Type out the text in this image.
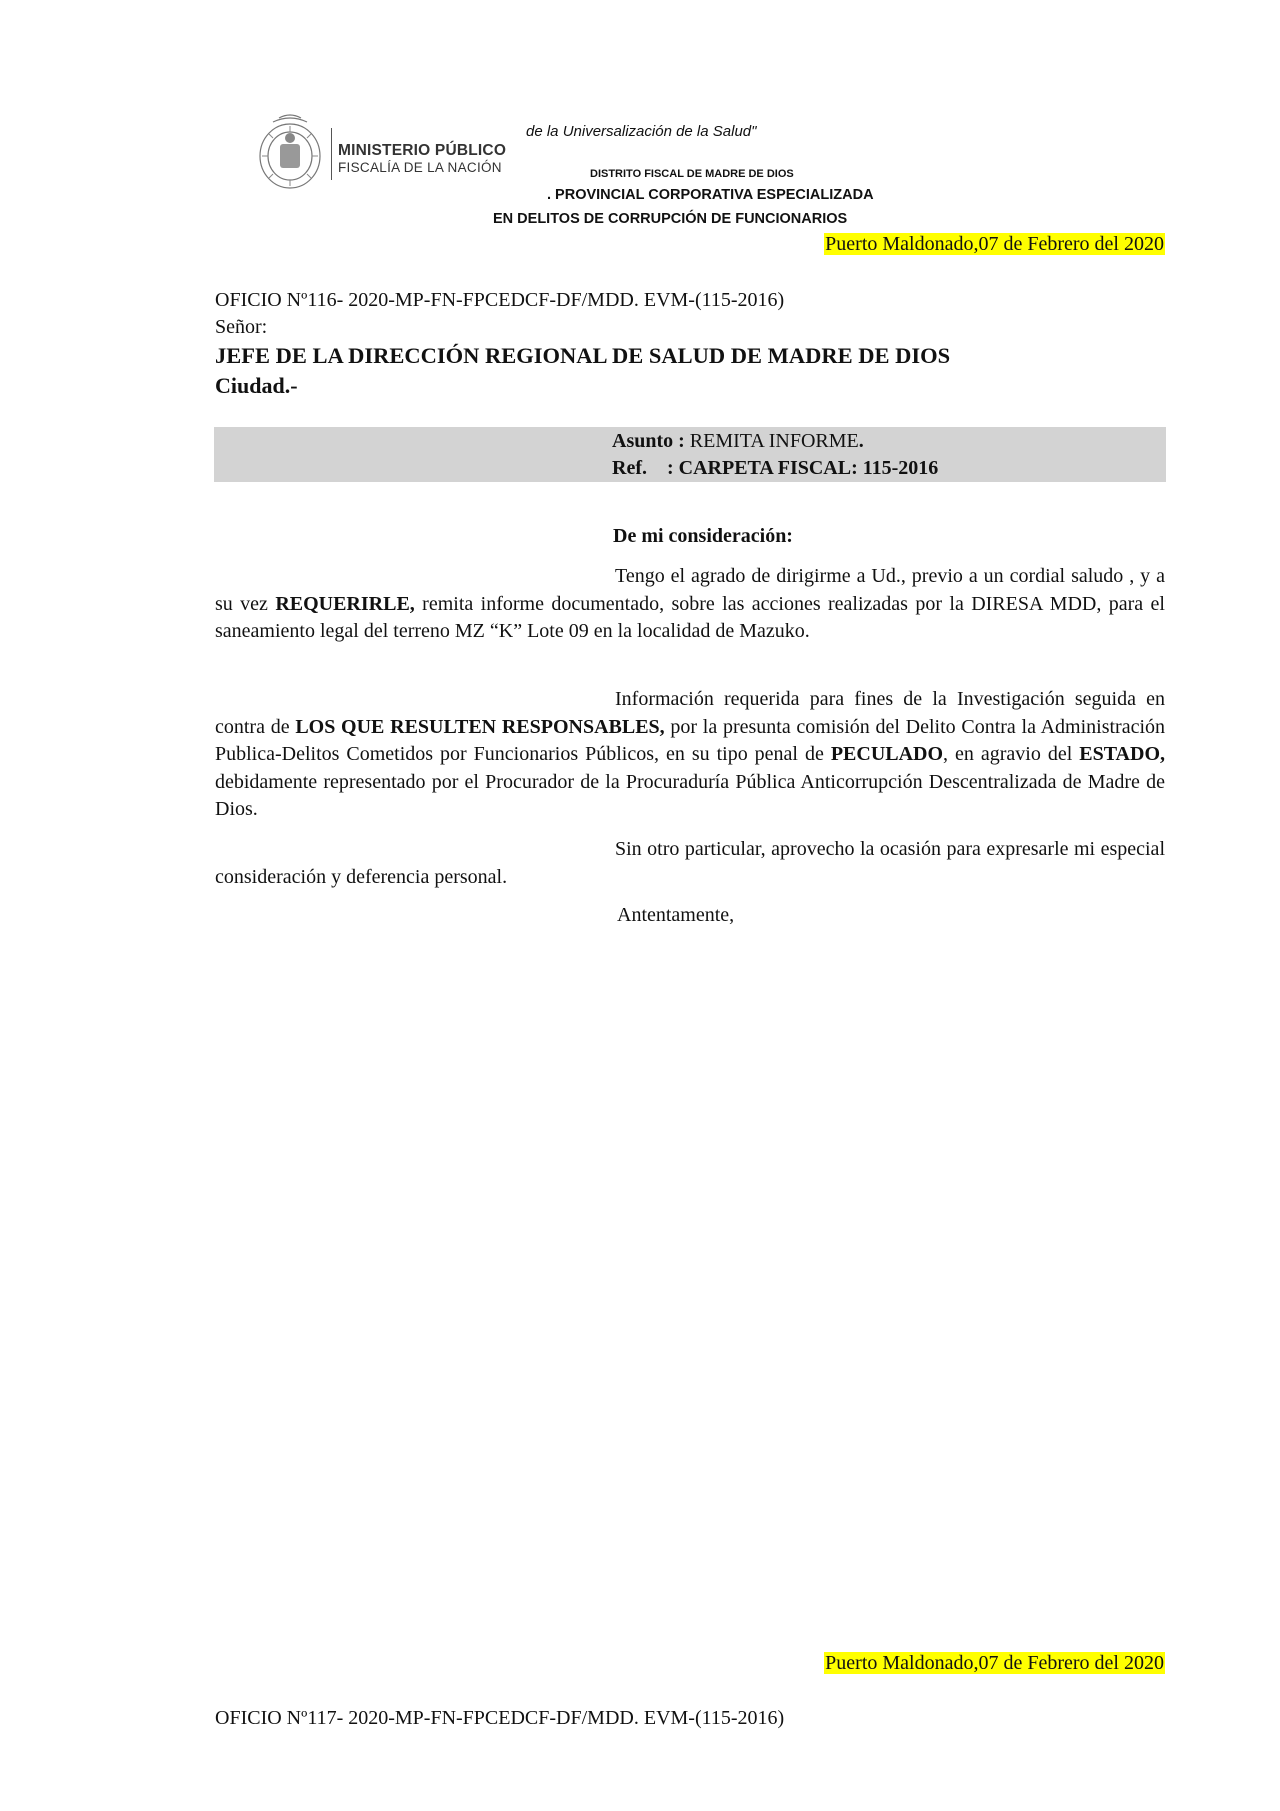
MINISTERIO PÚBLICO
FISCALÍA DE LA NACIÓN
de la Universalización de la Salud"
DISTRITO FISCAL DE MADRE DE DIOS
. PROVINCIAL CORPORATIVA ESPECIALIZADA
EN DELITOS DE CORRUPCIÓN DE FUNCIONARIOS
Puerto Maldonado,07 de Febrero del 2020
OFICIO Nº116- 2020-MP-FN-FPCEDCF-DF/MDD. EVM-(115-2016)
Señor:
JEFE DE LA DIRECCIÓN REGIONAL DE SALUD DE MADRE DE DIOS
Ciudad.-
Asunto : REMITA INFORME.
Ref. : CARPETA FISCAL: 115-2016
De mi consideración:
Tengo el agrado de dirigirme a Ud., previo a un cordial saludo , y a su vez REQUERIRLE, remita informe documentado, sobre las acciones realizadas por la DIRESA MDD, para el saneamiento legal del terreno MZ “K” Lote 09 en la localidad de Mazuko.
Información requerida para fines de la Investigación seguida en contra de LOS QUE RESULTEN RESPONSABLES, por la presunta comisión del Delito Contra la Administración Publica-Delitos Cometidos por Funcionarios Públicos, en su tipo penal de PECULADO, en agravio del ESTADO, debidamente representado por el Procurador de la Procuraduría Pública Anticorrupción Descentralizada de Madre de Dios.
Sin otro particular, aprovecho la ocasión para expresarle mi especial consideración y deferencia personal.
Antentamente,
Puerto Maldonado,07 de Febrero del 2020
OFICIO Nº117- 2020-MP-FN-FPCEDCF-DF/MDD. EVM-(115-2016)
